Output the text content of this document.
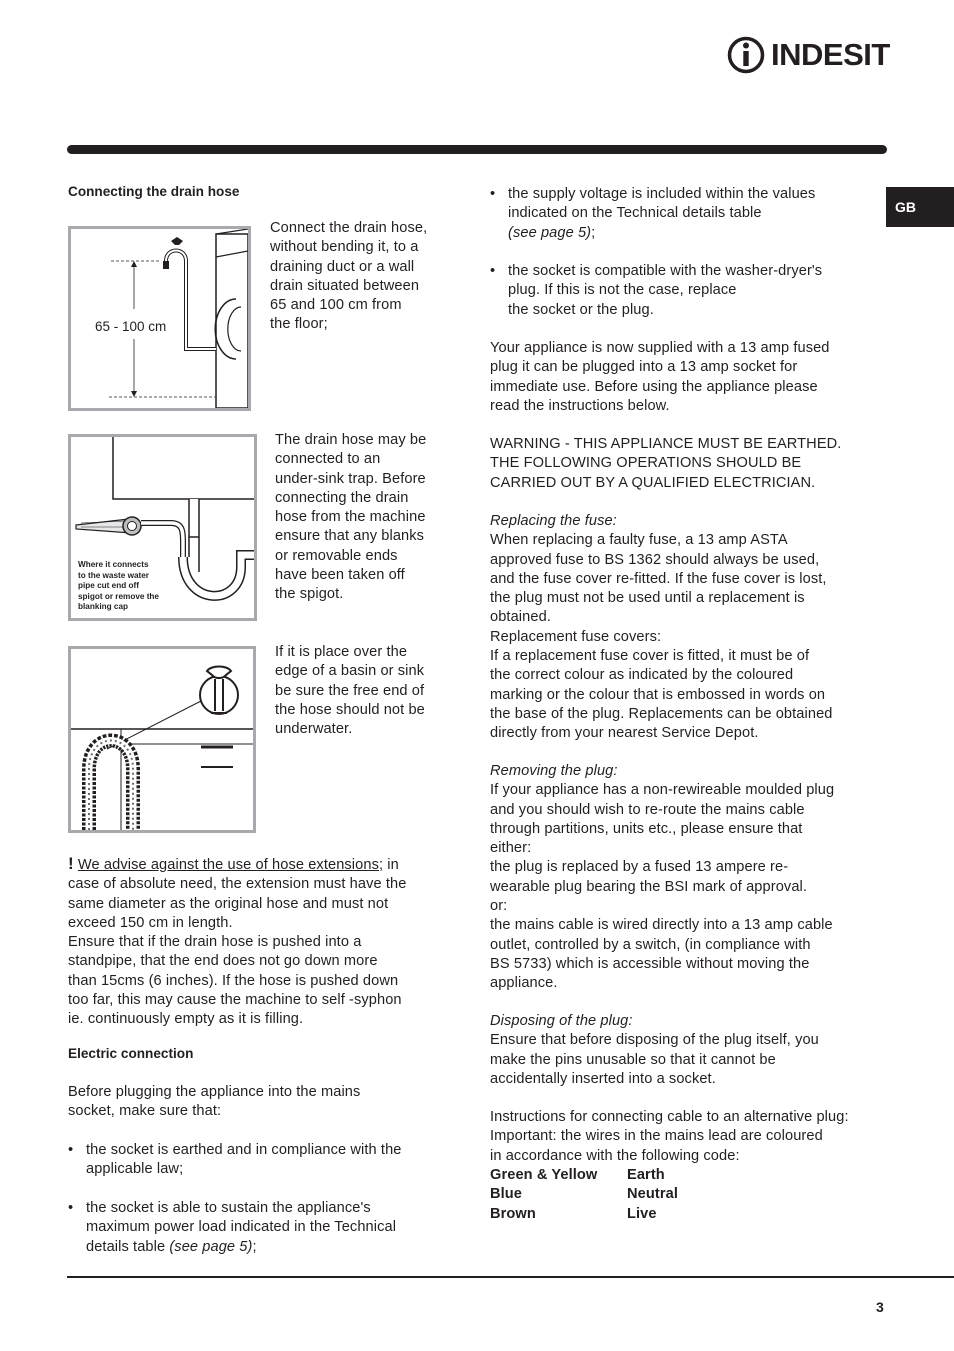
INDESIT
GB
Connecting the drain hose
65 - 100 cm
Connect the drain hose,
without bending it, to a
draining duct or a wall
drain situated between
65 and 100 cm from
the floor;
Where it connects
to the waste water
pipe cut end off
spigot or remove the
blanking cap
The drain hose may be
connected to an
under-sink trap. Before
connecting the drain
hose from the machine
ensure that any blanks
or removable ends
have been taken off
the spigot.
If it is place over the
edge of a basin or sink
be sure the free end of
the hose should not be
underwater.
! We advise against the use of hose extensions; in
case of absolute need, the extension must have the
same diameter as the original hose and must not
exceed 150 cm in length.
Ensure that if the drain hose is pushed into a
standpipe, that the end does not go down more
than 15cms (6 inches). If the hose is pushed down
too far, this may cause the machine to self -syphon
ie. continuously empty as it is filling.
Electric connection
Before plugging the appliance into the mains
socket, make sure that:
• the socket is earthed and in compliance with the
applicable law;
• the socket is able to sustain the appliance's
maximum power load indicated in the Technical
details table (see page 5);
• the supply voltage is included within the values
indicated on the Technical details table
(see page 5);
• the socket is compatible with the washer-dryer's
plug. If this is not the case, replace
the socket or the plug.
Your appliance is now supplied with a 13 amp fused
plug it can be plugged into a 13 amp socket for
immediate use. Before using the appliance please
read the instructions below.
WARNING - THIS APPLIANCE MUST BE EARTHED.
THE FOLLOWING OPERATIONS SHOULD BE
CARRIED OUT BY A QUALIFIED ELECTRICIAN.
Replacing the fuse:
When replacing a faulty fuse, a 13 amp ASTA
approved fuse to BS 1362 should always be used,
and the fuse cover re-fitted. If the fuse cover is lost,
the plug must not be used until a replacement is
obtained.
Replacement fuse covers:
If a replacement fuse cover is fitted, it must be of
the correct colour as indicated by the coloured
marking or the colour that is embossed in words on
the base of the plug. Replacements can be obtained
directly from your nearest Service Depot.
Removing the plug:
If your appliance has a non-rewireable moulded plug
and you should wish to re-route the mains cable
through partitions, units etc., please ensure that
either:
the plug is replaced by a fused 13 ampere re-
wearable plug bearing the BSI mark of approval.
or:
the mains cable is wired directly into a 13 amp cable
outlet, controlled by a switch, (in compliance with
BS 5733) which is accessible without moving the
appliance.
Disposing of the plug:
Ensure that before disposing of the plug itself, you
make the pins unusable so that it cannot be
accidentally inserted into a socket.
Instructions for connecting cable to an alternative plug:
Important: the wires in the mains lead are coloured
in accordance with the following code:
Green & Yellow Earth
Blue	Neutral
Brown	Live
3
